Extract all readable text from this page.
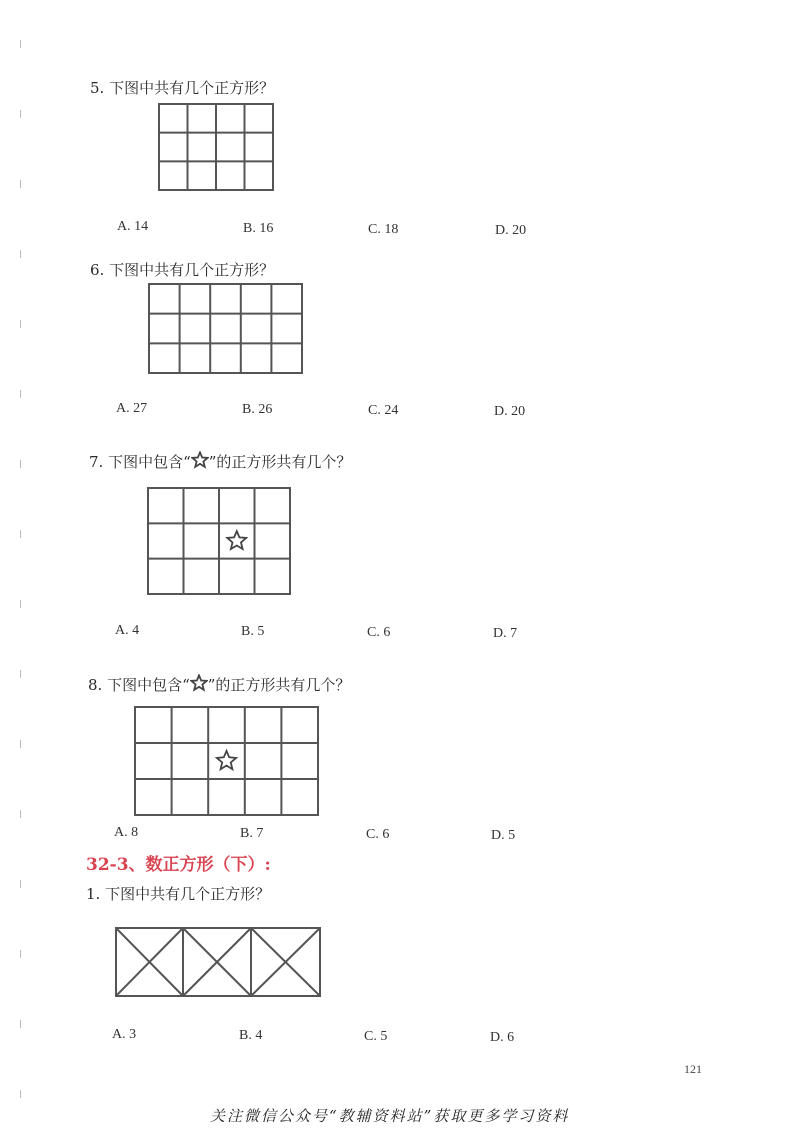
5. 下图中共有几个正方形？
A. 14	B. 16	C. 18	D. 20
6. 下图中共有几个正方形？
A. 27	B. 26	C. 24	D. 20
7. 下图中包含“ ”的正方形共有几个？
A. 4	B. 5	C. 6	D. 7
8. 下图中包含“ ”的正方形共有几个？
A. 8	B. 7	C. 6	D. 5
32-3、数正方形（下）:
1. 下图中共有几个正方形？
A. 3	B. 4	C. 5	D. 6
121
关注微信公众号“教辅资料站”获取更多学习资料
